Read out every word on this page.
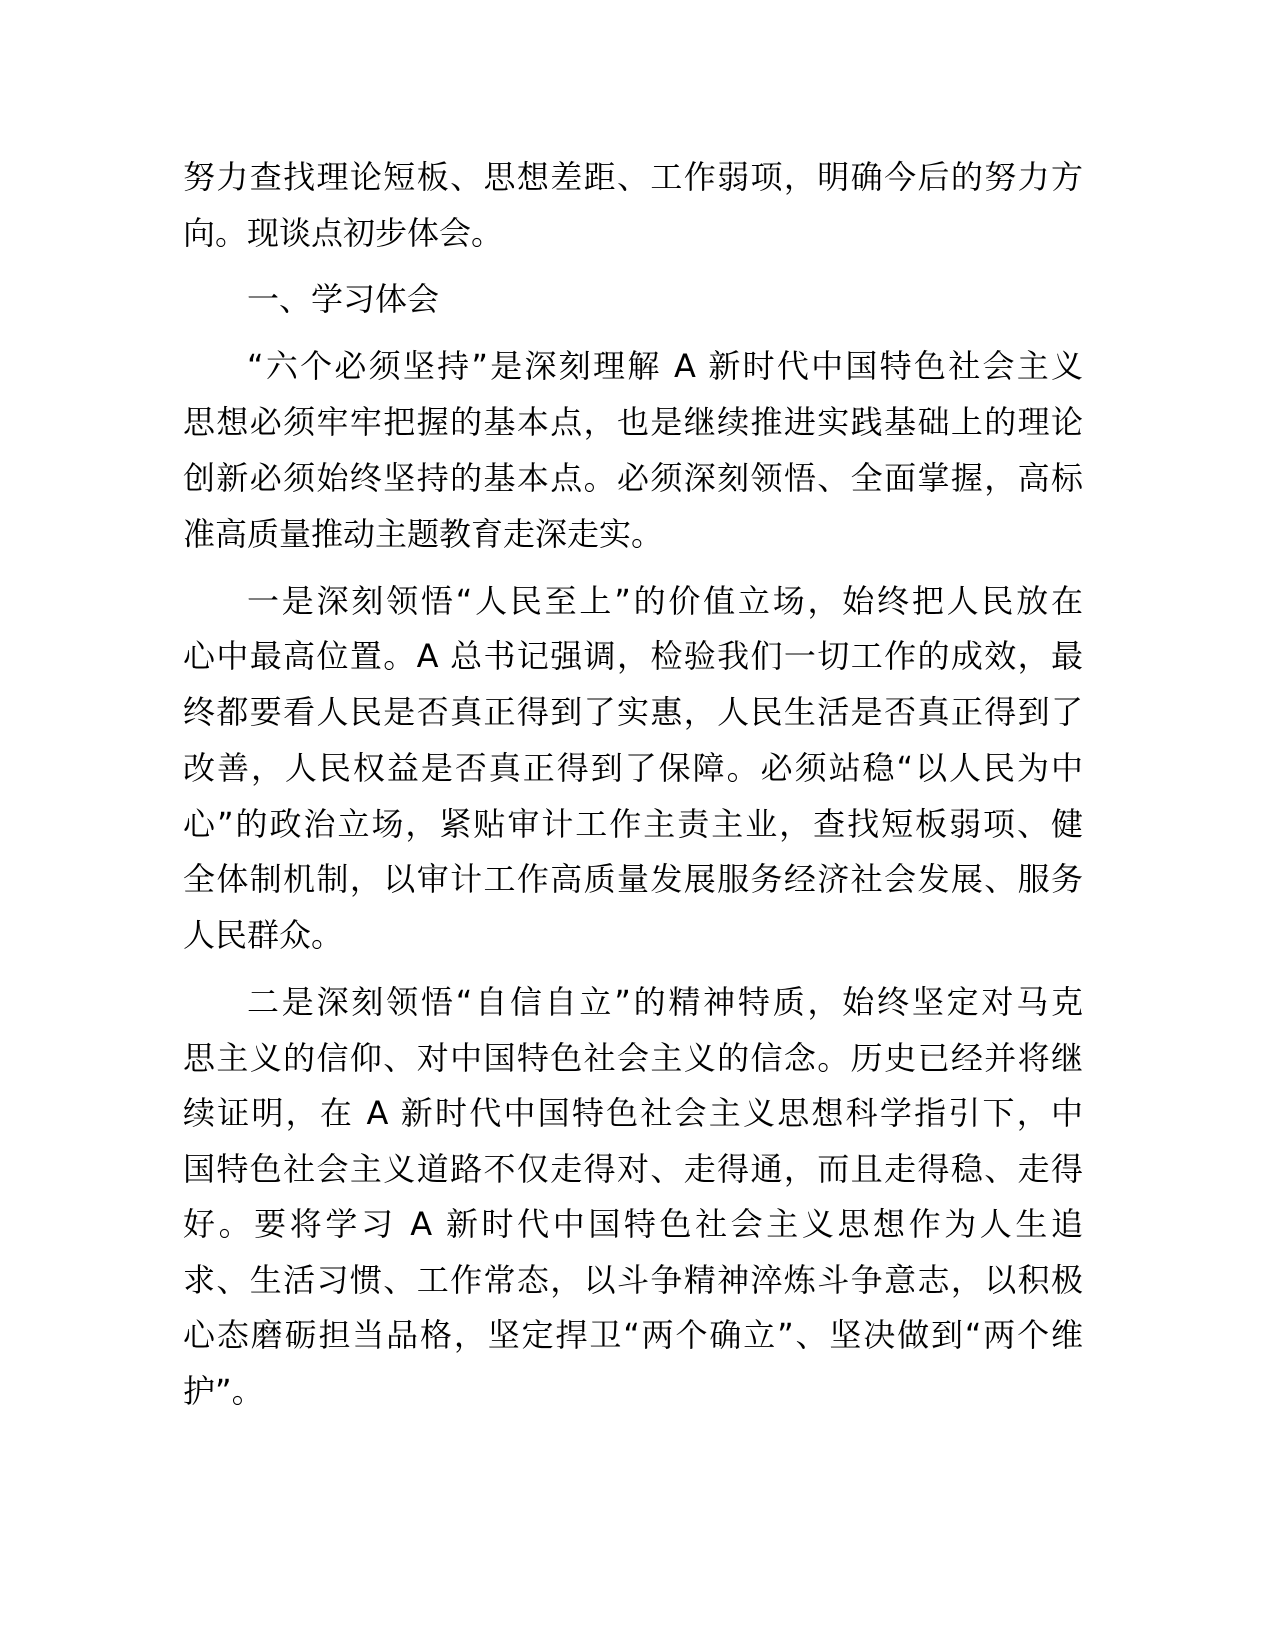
努力查找理论短板、思想差距、工作弱项，明确今后的努力方

向。现谈点初步体会。

一、学习体会

“六个必须坚持”是深刻理解 A 新时代中国特色社会主义

思想必须牢牢把握的基本点，也是继续推进实践基础上的理论

创新必须始终坚持的基本点。必须深刻领悟、全面掌握，高标

准高质量推动主题教育走深走实。

一是深刻领悟“人民至上”的价值立场，始终把人民放在

心中最高位置。A 总书记强调，检验我们一切工作的成效，最

终都要看人民是否真正得到了实惠，人民生活是否真正得到了

改善，人民权益是否真正得到了保障。必须站稳“以人民为中

心”的政治立场，紧贴审计工作主责主业，查找短板弱项、健

全体制机制，以审计工作高质量发展服务经济社会发展、服务

人民群众。

二是深刻领悟“自信自立”的精神特质，始终坚定对马克

思主义的信仰、对中国特色社会主义的信念。历史已经并将继

续证明，在 A 新时代中国特色社会主义思想科学指引下，中

国特色社会主义道路不仅走得对、走得通，而且走得稳、走得

好。要将学习 A 新时代中国特色社会主义思想作为人生追

求、生活习惯、工作常态，以斗争精神淬炼斗争意志，以积极

心态磨砺担当品格，坚定捍卫“两个确立”、坚决做到“两个维

护”。
